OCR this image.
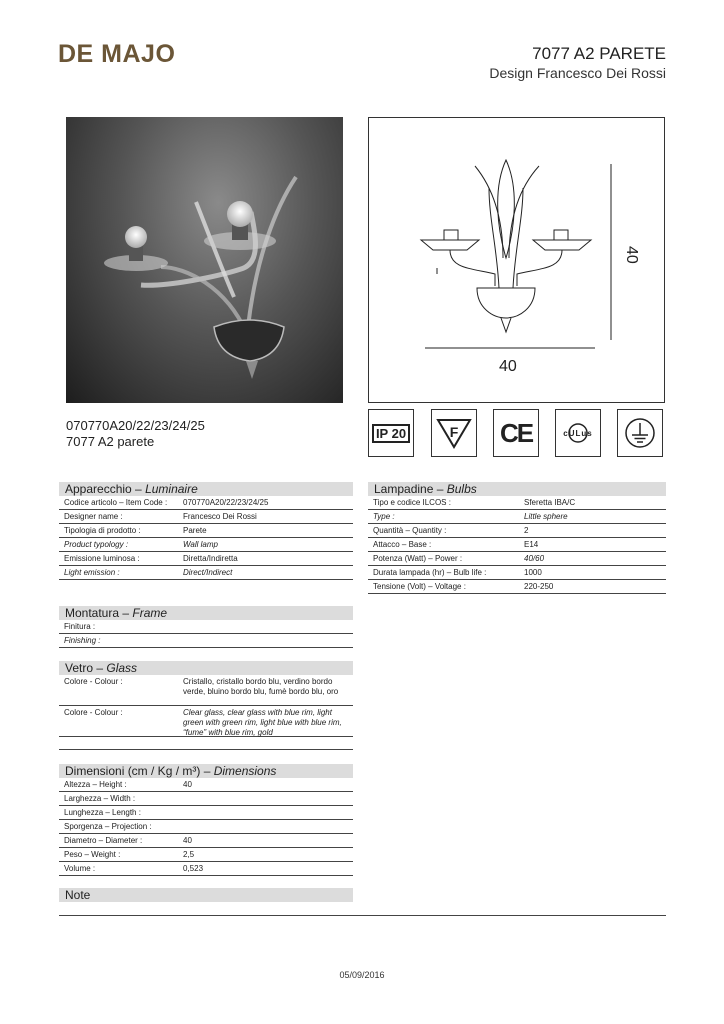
DE MAJO	7077 A2 PARETE
Design Francesco Dei Rossi
40
40
070770A20/22/23/24/25
7077 A2 parete
IP 20	F CE	cULus
Apparecchio – Luminaire
Codice articolo – Item Code : 070770A20/22/23/24/25
Designer name :	Francesco Dei Rossi
Tipologia di prodotto :	Parete
Product typology :	Wall lamp
Emissione luminosa :	Diretta/Indiretta
Light emission :	Direct/Indirect
Lampadine – Bulbs
Tipo e codice ILCOS :	Sferetta IBA/C
Type :	Little sphere
Quantità – Quantity :	2
Attacco – Base :	E14
Potenza (Watt) – Power :	40/60
Durata lampada (hr) – Bulb life :	1000
Tensione (Volt) – Voltage :	220-250
Montatura – Frame
Finitura :
Finishing :
Vetro – Glass
Colore - Colour :	Cristallo, cristallo bordo blu, verdino bordo verde, bluino bordo blu, fumè bordo blu, oro
Colore - Colour :	Clear glass, clear glass with blue rim, light green with green rim, light blue with blue rim, “fume” with blue rim, gold
Dimensioni (cm / Kg / m³) – Dimensions
Altezza – Height :	40
Larghezza – Width :
Lunghezza – Length :
Sporgenza – Projection :
Diametro – Diameter :	40
Peso – Weight :	2,5
Volume :	0,523
Note
05/09/2016
